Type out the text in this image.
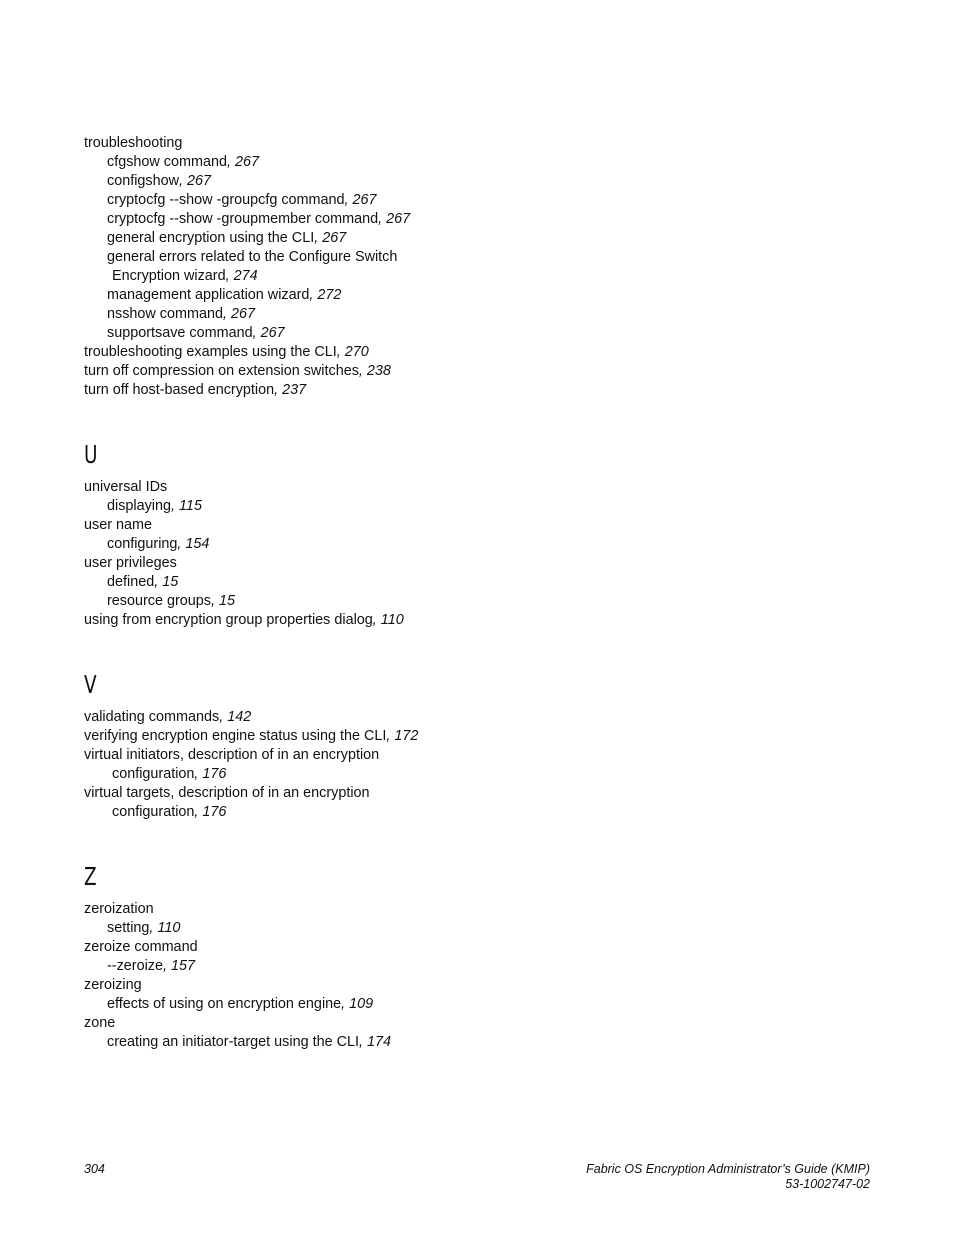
troubleshooting
cfgshow command, 267
configshow, 267
cryptocfg --show -groupcfg command, 267
cryptocfg --show -groupmember command, 267
general encryption using the CLI, 267
general errors related to the Configure Switch
Encryption wizard, 274
management application wizard, 272
nsshow command, 267
supportsave command, 267
troubleshooting examples using the CLI, 270
turn off compression on extension switches, 238
turn off host-based encryption, 237
U
universal IDs
displaying, 115
user name
configuring, 154
user privileges
defined, 15
resource groups, 15
using from encryption group properties dialog, 110
V
validating commands, 142
verifying encryption engine status using the CLI, 172
virtual initiators, description of in an encryption
configuration, 176
virtual targets, description of in an encryption
configuration, 176
Z
zeroization
setting, 110
zeroize command
--zeroize, 157
zeroizing
effects of using on encryption engine, 109
zone
creating an initiator-target using the CLI, 174
304	Fabric OS Encryption Administrator’s Guide (KMIP)
53-1002747-02
